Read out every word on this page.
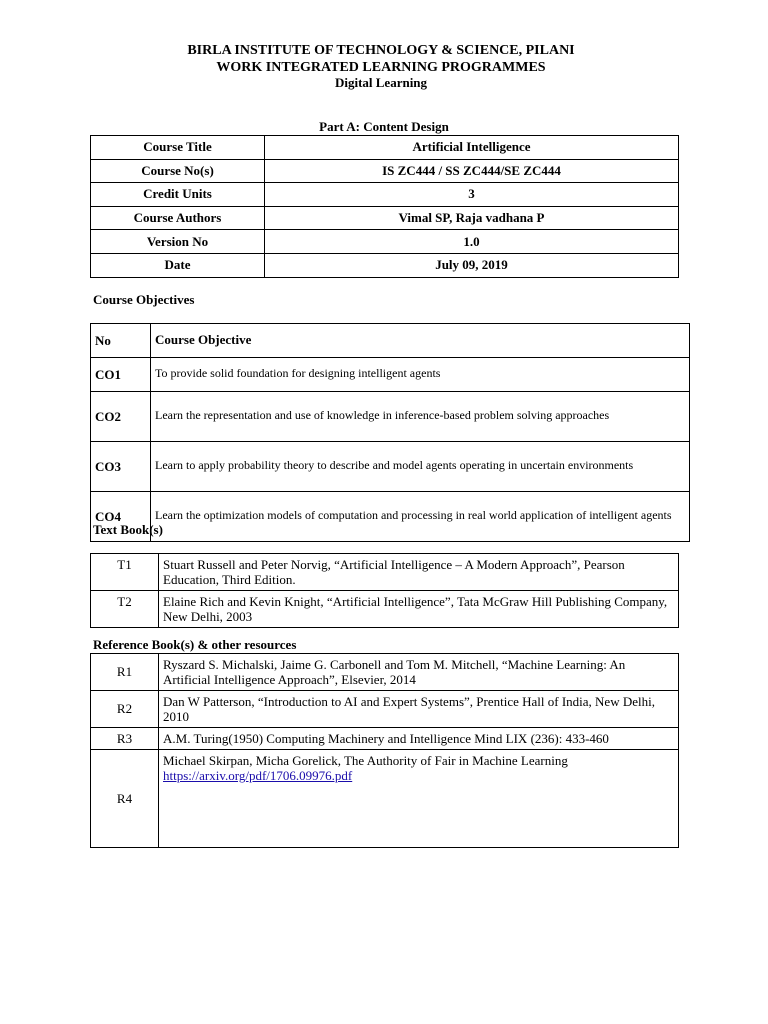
BIRLA INSTITUTE OF TECHNOLOGY & SCIENCE, PILANI
WORK INTEGRATED LEARNING PROGRAMMES
Digital Learning
Part A: Content Design
Course Title	Artificial Intelligence
Course No(s)	IS ZC444 / SS ZC444/SE ZC444
Credit Units	3
Course Authors	Vimal SP, Raja vadhana P
Version No	1.0
Date	July 09, 2019
Course Objectives
No	Course Objective
CO1	To provide solid foundation for designing intelligent agents
CO2	Learn the representation and use of knowledge in inference-based problem solving approaches
CO3	Learn to apply probability theory to describe and model agents operating in uncertain environments
CO4	Learn the optimization models of computation and processing in real world application of intelligent agents
Text Book(s)
T1	Stuart Russell and Peter Norvig, “Artificial Intelligence – A Modern Approach”, Pearson Education, Third Edition.
T2	Elaine Rich and Kevin Knight, “Artificial Intelligence”, Tata McGraw Hill Publishing Company, New Delhi, 2003
Reference Book(s) & other resources
R1	Ryszard S. Michalski, Jaime G. Carbonell and Tom M. Mitchell, “Machine Learning: An Artificial Intelligence Approach”, Elsevier, 2014
R2	Dan W Patterson, “Introduction to AI and Expert Systems”, Prentice Hall of India, New Delhi, 2010
R3	A.M. Turing(1950) Computing Machinery and Intelligence Mind LIX (236): 433-460
R4	Michael Skirpan, Micha Gorelick, The Authority of Fair in Machine Learning
https://arxiv.org/pdf/1706.09976.pdf
